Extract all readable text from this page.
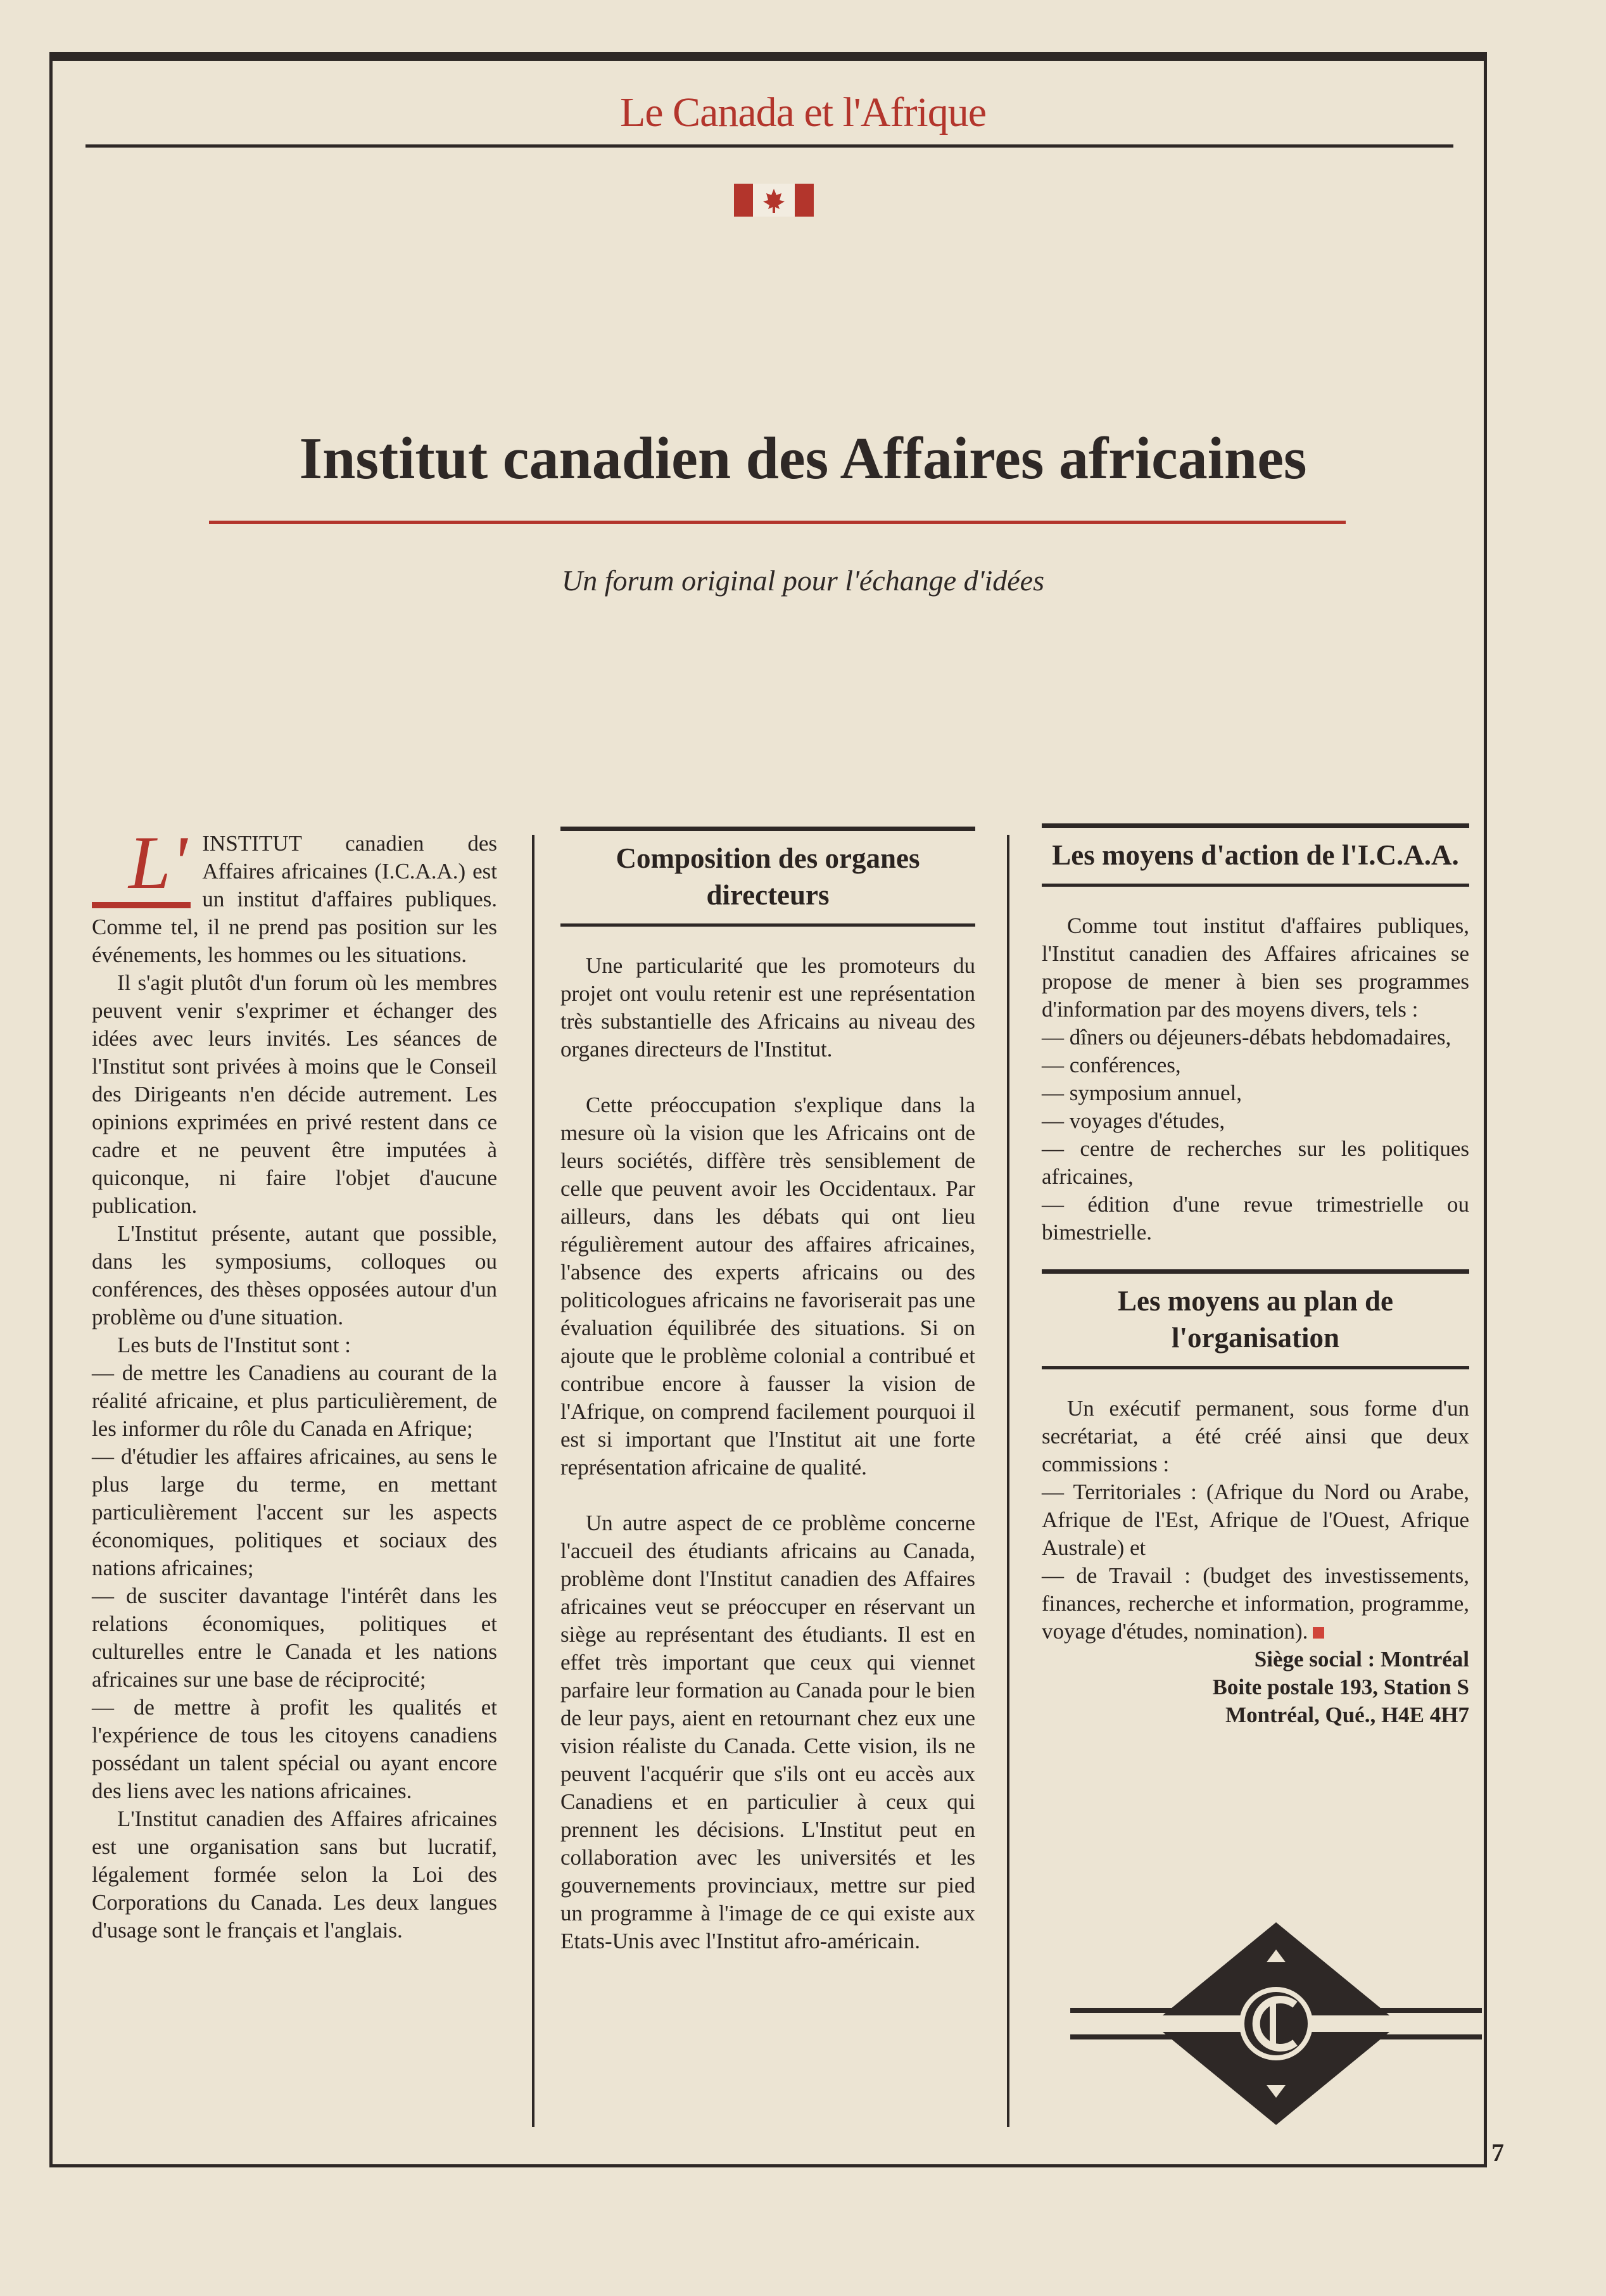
Le Canada et l'Afrique
Institut canadien des Affaires africaines
Un forum original pour l'échange d'idées
L' INSTITUT canadien des Affaires africaines (I.C.A.A.) est un institut d'affaires publiques. Comme tel, il ne prend pas position sur les événements, les hommes ou les situations.

Il s'agit plutôt d'un forum où les membres peuvent venir s'exprimer et échanger des idées avec leurs invités. Les séances de l'Institut sont privées à moins que le Conseil des Dirigeants n'en décide autrement. Les opinions exprimées en privé restent dans ce cadre et ne peuvent être imputées à quiconque, ni faire l'objet d'aucune publication.

L'Institut présente, autant que possible, dans les symposiums, colloques ou conférences, des thèses opposées autour d'un problème ou d'une situation.

Les buts de l'Institut sont :

— de mettre les Canadiens au courant de la réalité africaine, et plus particulièrement, de les informer du rôle du Canada en Afrique;

— d'étudier les affaires africaines, au sens le plus large du terme, en mettant particulièrement l'accent sur les aspects économiques, politiques et sociaux des nations africaines;

— de susciter davantage l'intérêt dans les relations économiques, politiques et culturelles entre le Canada et les nations africaines sur une base de réciprocité;

— de mettre à profit les qualités et l'expérience de tous les citoyens canadiens possédant un talent spécial ou ayant encore des liens avec les nations africaines.

L'Institut canadien des Affaires africaines est une organisation sans but lucratif, légalement formée selon la Loi des Corporations du Canada. Les deux langues d'usage sont le français et l'anglais.

Composition des organes directeurs

Une particularité que les promoteurs du projet ont voulu retenir est une représentation très substantielle des Africains au niveau des organes directeurs de l'Institut.

Cette préoccupation s'explique dans la mesure où la vision que les Africains ont de leurs sociétés, diffère très sensiblement de celle que peuvent avoir les Occidentaux. Par ailleurs, dans les débats qui ont lieu régulièrement autour des affaires africaines, l'absence des experts africains ou des politicologues africains ne favoriserait pas une évaluation équilibrée des situations. Si on ajoute que le problème colonial a contribué et contribue encore à fausser la vision de l'Afrique, on comprend facilement pourquoi il est si important que l'Institut ait une forte représentation africaine de qualité.

Un autre aspect de ce problème concerne l'accueil des étudiants africains au Canada, problème dont l'Institut canadien des Affaires africaines veut se préoccuper en réservant un siège au représentant des étudiants. Il est en effet très important que ceux qui viennet parfaire leur formation au Canada pour le bien de leur pays, aient en retournant chez eux une vision réaliste du Canada. Cette vision, ils ne peuvent l'acquérir que s'ils ont eu accès aux Canadiens et en particulier à ceux qui prennent les décisions. L'Institut peut en collaboration avec les universités et les gouvernements provinciaux, mettre sur pied un programme à l'image de ce qui existe aux Etats-Unis avec l'Institut afro-américain.

Les moyens d'action de l'I.C.A.A.

Comme tout institut d'affaires publiques, l'Institut canadien des Affaires africaines se propose de mener à bien ses programmes d'information par des moyens divers, tels :

— dîners ou déjeuners-débats hebdomadaires,

— conférences,

— symposium annuel,

— voyages d'études,

— centre de recherches sur les politiques africaines,

— édition d'une revue trimestrielle ou bimestrielle.

Les moyens au plan de l'organisation

Un exécutif permanent, sous forme d'un secrétariat, a été créé ainsi que deux commissions :

— Territoriales : (Afrique du Nord ou Arabe, Afrique de l'Est, Afrique de l'Ouest, Afrique Australe) et

— de Travail : (budget des investissements, finances, recherche et information, programme, voyage d'études, nomination).

Siège social : Montréal

Boite postale 193, Station S

Montréal, Qué., H4E 4H7

7
